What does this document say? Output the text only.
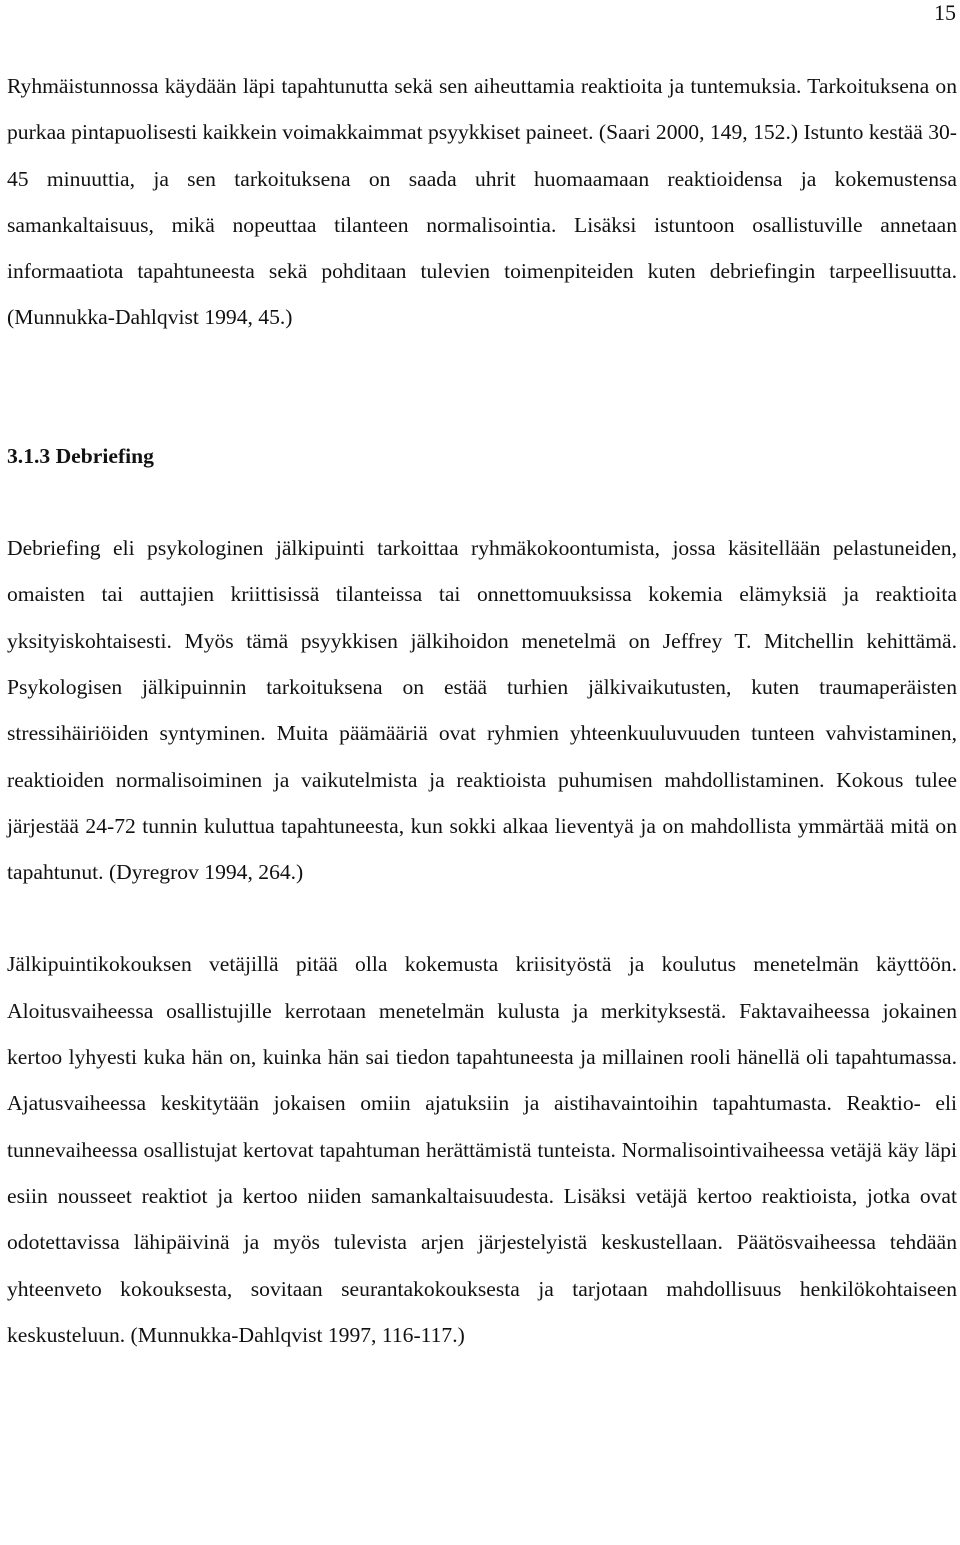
15

Ryhmäistunnossa käydään läpi tapahtunutta sekä sen aiheuttamia reaktioita ja tuntemuksia. Tarkoituksena on purkaa pintapuolisesti kaikkein voimakkaimmat psyykkiset paineet. (Saari 2000, 149, 152.) Istunto kestää 30-45 minuuttia, ja sen tarkoituksena on saada uhrit huomaamaan reaktioidensa ja kokemustensa samankaltaisuus, mikä nopeuttaa tilanteen normalisointia. Lisäksi istuntoon osallistuville annetaan informaatiota tapahtuneesta sekä pohditaan tulevien toimenpiteiden kuten debriefingin tarpeellisuutta. (Munnukka-Dahlqvist 1994, 45.)

3.1.3 Debriefing

Debriefing eli psykologinen jälkipuinti tarkoittaa ryhmäkokoontumista, jossa käsitellään pelastuneiden, omaisten tai auttajien kriittisissä tilanteissa tai onnettomuuksissa kokemia elämyksiä ja reaktioita yksityiskohtaisesti. Myös tämä psyykkisen jälkihoidon menetelmä on Jeffrey T. Mitchellin kehittämä. Psykologisen jälkipuinnin tarkoituksena on estää turhien jälkivaikutusten, kuten traumaperäisten stressihäiriöiden syntyminen. Muita päämääriä ovat ryhmien yhteenkuuluvuuden tunteen vahvistaminen, reaktioiden normalisoiminen ja vaikutelmista ja reaktioista puhumisen mahdollistaminen. Kokous tulee järjestää 24-72 tunnin kuluttua tapahtuneesta, kun sokki alkaa lieventyä ja on mahdollista ymmärtää mitä on tapahtunut. (Dyregrov 1994, 264.)

Jälkipuintikokouksen vetäjillä pitää olla kokemusta kriisityöstä ja koulutus menetelmän käyttöön. Aloitusvaiheessa osallistujille kerrotaan menetelmän kulusta ja merkityksestä. Faktavaiheessa jokainen kertoo lyhyesti kuka hän on, kuinka hän sai tiedon tapahtuneesta ja millainen rooli hänellä oli tapahtumassa. Ajatusvaiheessa keskitytään jokaisen omiin ajatuksiin ja aistihavaintoihin tapahtumasta. Reaktio- eli tunnevaiheessa osallistujat kertovat tapahtuman herättämistä tunteista. Normalisointivaiheessa vetäjä käy läpi esiin nousseet reaktiot ja kertoo niiden samankaltaisuudesta. Lisäksi vetäjä kertoo reaktioista, jotka ovat odotettavissa lähipäivinä ja myös tulevista arjen järjestelyistä keskustellaan. Päätösvaiheessa tehdään yhteenveto kokouksesta, sovitaan seurantakokouksesta ja tarjotaan mahdollisuus henkilökohtaiseen keskusteluun. (Munnukka-Dahlqvist 1997, 116-117.)
